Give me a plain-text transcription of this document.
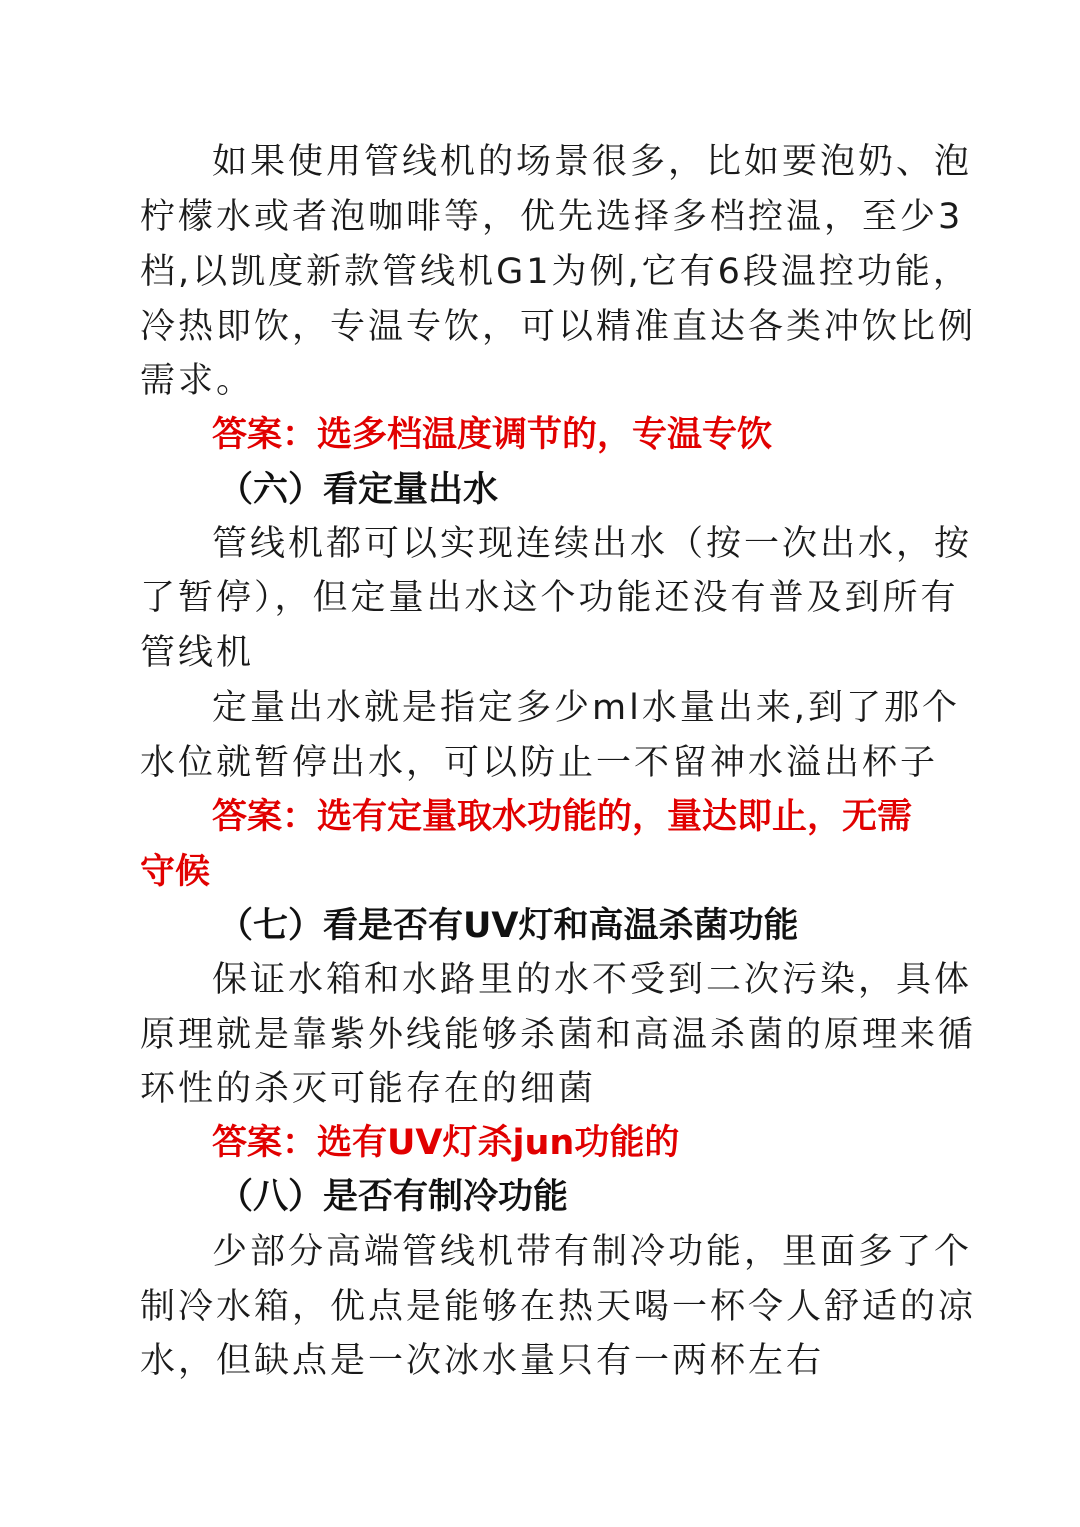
如果使用管线机的场景很多，比如要泡奶、泡
柠檬水或者泡咖啡等，优先选择多档控温，至少3
档,以凯度新款管线机G1为例,它有6段温控功能，
冷热即饮，专温专饮，可以精准直达各类冲饮比例
需求。
答案：选多档温度调节的，专温专饮
（六）看定量出水
管线机都可以实现连续出水（按一次出水，按
了暂停），但定量出水这个功能还没有普及到所有
管线机
定量出水就是指定多少ml水量出来,到了那个
水位就暂停出水，可以防止一不留神水溢出杯子
答案：选有定量取水功能的，量达即止，无需
守候
（七）看是否有UV灯和高温杀菌功能
保证水箱和水路里的水不受到二次污染，具体
原理就是靠紫外线能够杀菌和高温杀菌的原理来循
环性的杀灭可能存在的细菌
答案：选有UV灯杀jun功能的
（八）是否有制冷功能
少部分高端管线机带有制冷功能，里面多了个
制冷水箱，优点是能够在热天喝一杯令人舒适的凉
水，但缺点是一次冰水量只有一两杯左右
